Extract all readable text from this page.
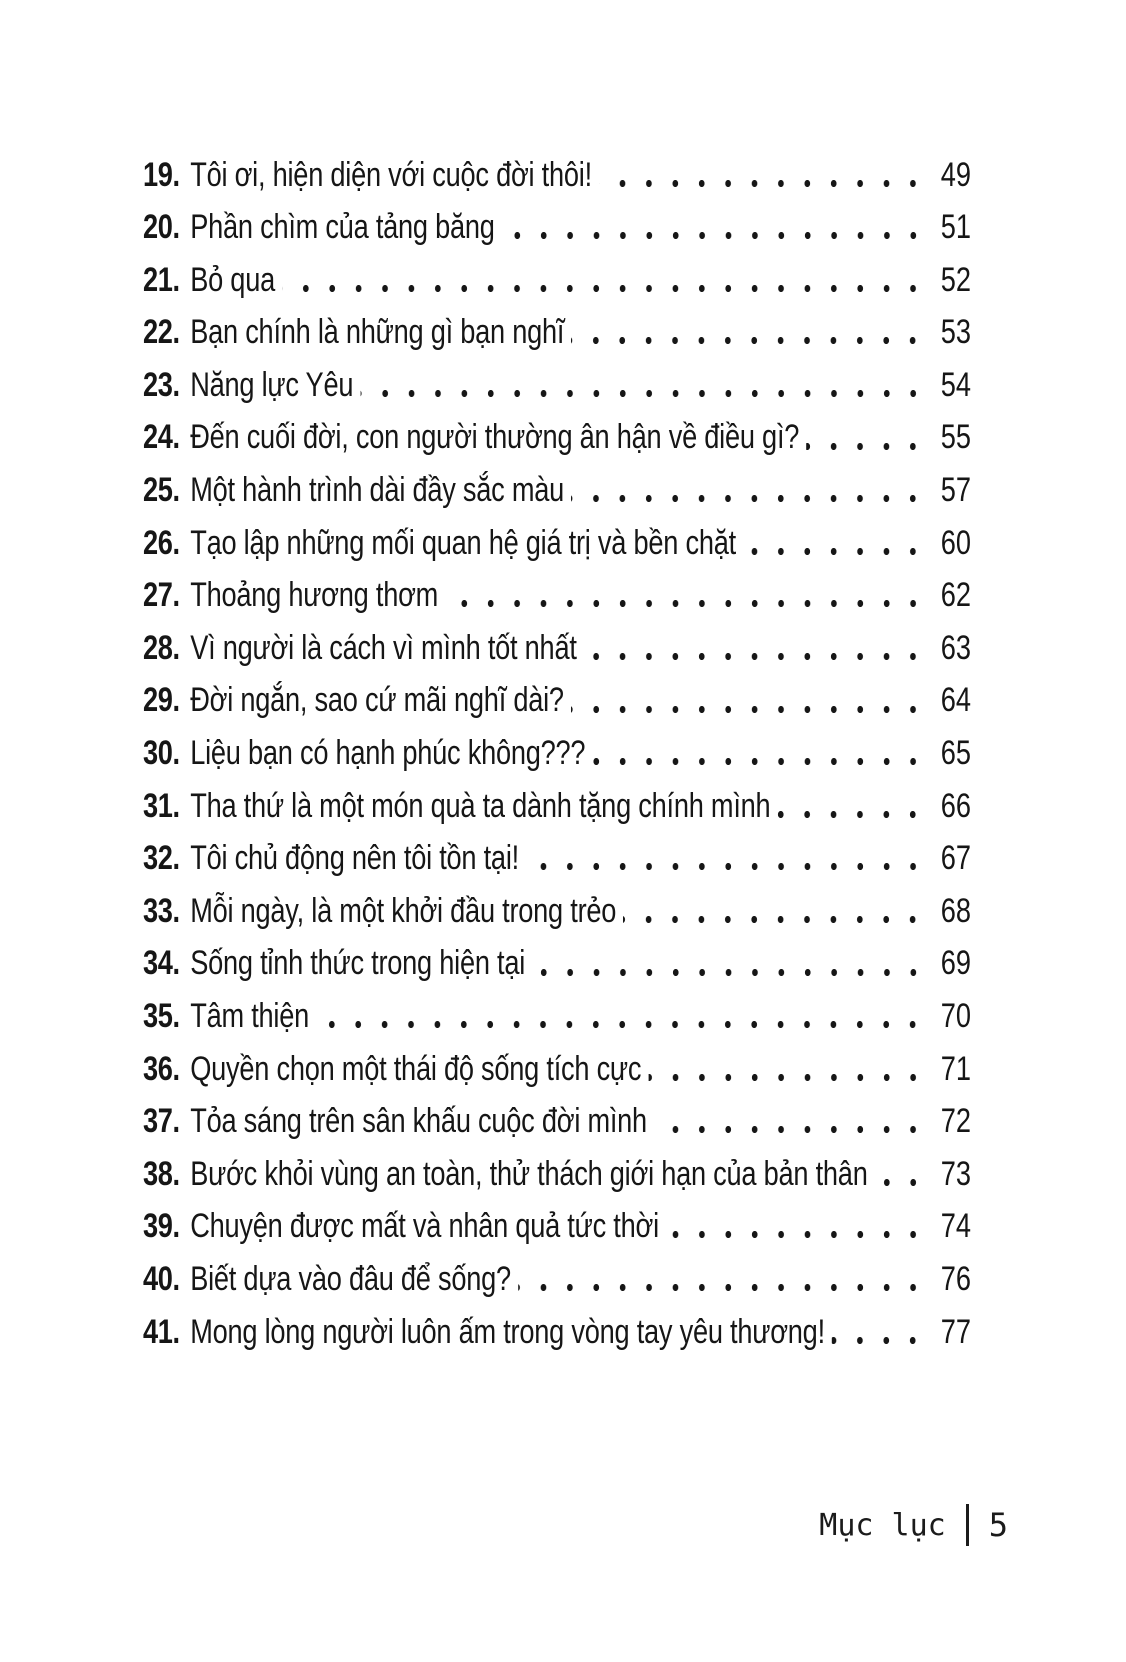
19. Tôi ơi, hiện diện với cuộc đời thôi!	49
20. Phần chìm của tảng băng	51
21. Bỏ qua	52
22. Bạn chính là những gì bạn nghĩ	53
23. Năng lực Yêu	54
24. Đến cuối đời, con người thường ân hận về điều gì?	55
25. Một hành trình dài đầy sắc màu	57
26. Tạo lập những mối quan hệ giá trị và bền chặt	60
27. Thoảng hương thơm	62
28. Vì người là cách vì mình tốt nhất	63
29. Đời ngắn, sao cứ mãi nghĩ dài?	64
30. Liệu bạn có hạnh phúc không???	65
31. Tha thứ là một món quà ta dành tặng chính mình	66
32. Tôi chủ động nên tôi tồn tại!	67
33. Mỗi ngày, là một khởi đầu trong trẻo	68
34. Sống tỉnh thức trong hiện tại	69
35. Tâm thiện	70
36. Quyền chọn một thái độ sống tích cực	71
37. Tỏa sáng trên sân khấu cuộc đời mình	72
38. Bước khỏi vùng an toàn, thử thách giới hạn của bản thân 73
39. Chuyện được mất và nhân quả tức thời	74
40. Biết dựa vào đâu để sống?	76
41. Mong lòng người luôn ấm trong vòng tay yêu thương!	77
Mục lục 5
